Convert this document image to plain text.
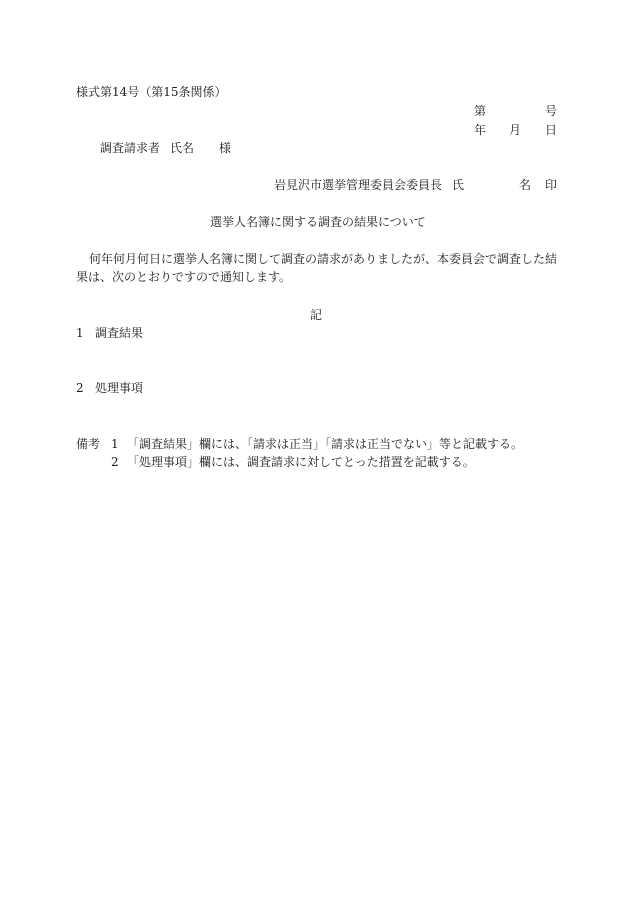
様式第14号（第15条関係）
第	号
年 月 日
調査請求者 氏名 様
岩見沢市選挙管理委員会委員長 氏	名 印
選挙人名簿に関する調査の結果について
何年何月何日に選挙人名簿に関して調査の請求がありましたが、本委員会で調査した結
果は、次のとおりですので通知します。
記
1 調査結果
2 処理事項
備考 1 「調査結果」欄には、「請求は正当」「請求は正当でない」等と記載する。
2 「処理事項」欄には、調査請求に対してとった措置を記載する。
